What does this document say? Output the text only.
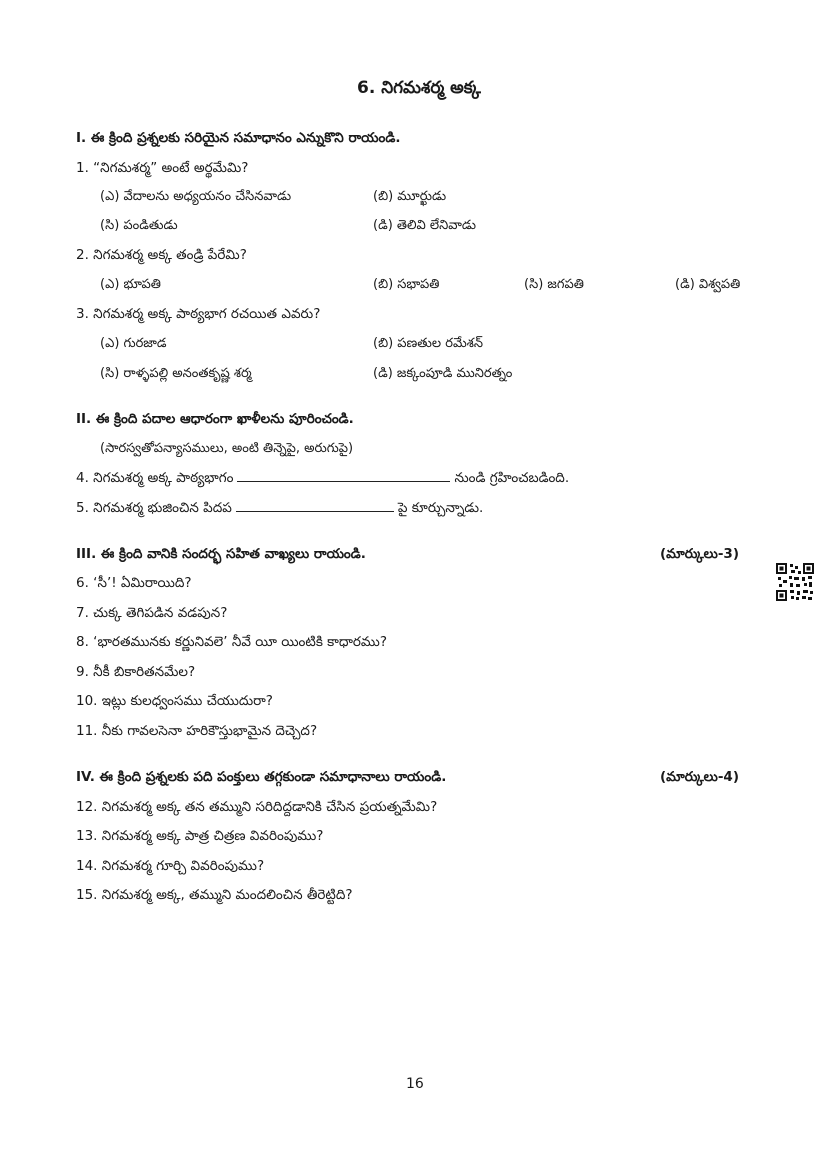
6. నిగమశర్మ అక్క
I. ఈ క్రింది ప్రశ్నలకు సరియైన సమాధానం ఎన్నుకొని రాయండి.
1. “నిగమశర్మ” అంటే అర్థమేమి?
(ఎ) వేదాలను అధ్యయనం చేసినవాడు	(బి) మూర్ఖుడు
(సి) పండితుడు	(డి) తెలివి లేనివాడు
2. నిగమశర్మ అక్క తండ్రి పేరేమి?
(ఎ) భూపతి	(బి) సభాపతి	(సి) జగపతి	(డి) విశ్వపతి
3. నిగమశర్మ అక్క పాఠ్యభాగ రచయిత ఎవరు?
(ఎ) గురజాడ	(బి) పణతుల రమేశన్
(సి) రాళ్ళపల్లి అనంతకృష్ణ శర్మ	(డి) జక్కంపూడి మునిరత్నం
II. ఈ క్రింది పదాల ఆధారంగా ఖాళీలను పూరించండి.
(సారస్వతోపన్యాసములు, అంటి తిన్నెపై, అరుగుపై)
4. నిగమశర్మ అక్క పాఠ్యభాగం	నుండి గ్రహించబడింది.
5. నిగమశర్మ భుజించిన పిదప	పై కూర్చున్నాడు.
III. ఈ క్రింది వానికి సందర్భ సహిత వాఖ్యలు రాయండి.	(మార్కులు-3)
6. ‘సీ’! ఏమిరాయిది?
7. చుక్క తెగిపడిన వడపున?
8. ‘భారతమునకు కర్ణునివలె’ నీవే యీ యింటికి కాధారము?
9. నీకీ బికారితనమేల?
10. ఇట్లు కులధ్వంసము చేయుదురా?
11. నీకు గావలసెనా హరికౌస్తుభామైన దెచ్చెద?
IV. ఈ క్రింది ప్రశ్నలకు పది పంక్తులు తగ్గకుండా సమాధానాలు రాయండి.	(మార్కులు-4)
12. నిగమశర్మ అక్క తన తమ్ముని సరిదిద్దడానికి చేసిన ప్రయత్నమేమి?
13. నిగమశర్మ అక్క పాత్ర చిత్రణ వివరింపుము?
14. నిగమశర్మ గూర్చి వివరింపుము?
15. నిగమశర్మ అక్క, తమ్ముని మందలించిన తీరెట్టిది?
16
